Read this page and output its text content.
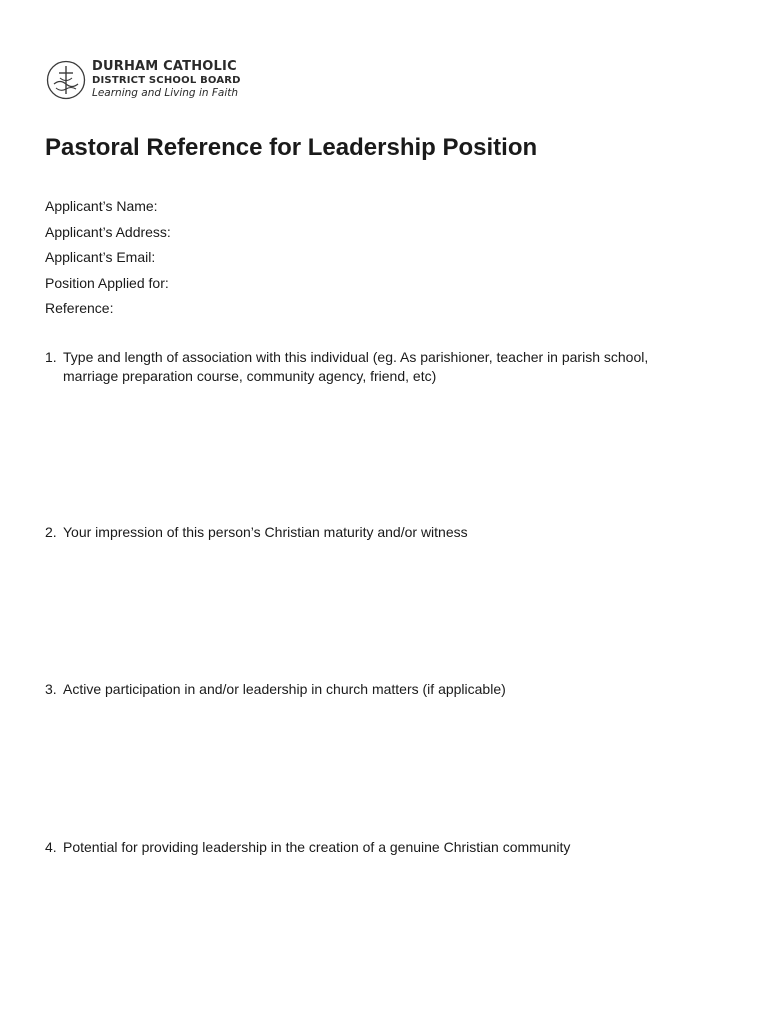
DURHAM CATHOLIC
DISTRICT SCHOOL BOARD
Learning and Living in Faith
Pastoral Reference for Leadership Position
Applicant’s Name:
Applicant’s Address:
Applicant’s Email:
Position Applied for:
Reference:
1. Type and length of association with this individual (eg. As parishioner, teacher in parish school, marriage preparation course, community agency, friend, etc)
2. Your impression of this person’s Christian maturity and/or witness
3. Active participation in and/or leadership in church matters (if applicable)
4. Potential for providing leadership in the creation of a genuine Christian community
